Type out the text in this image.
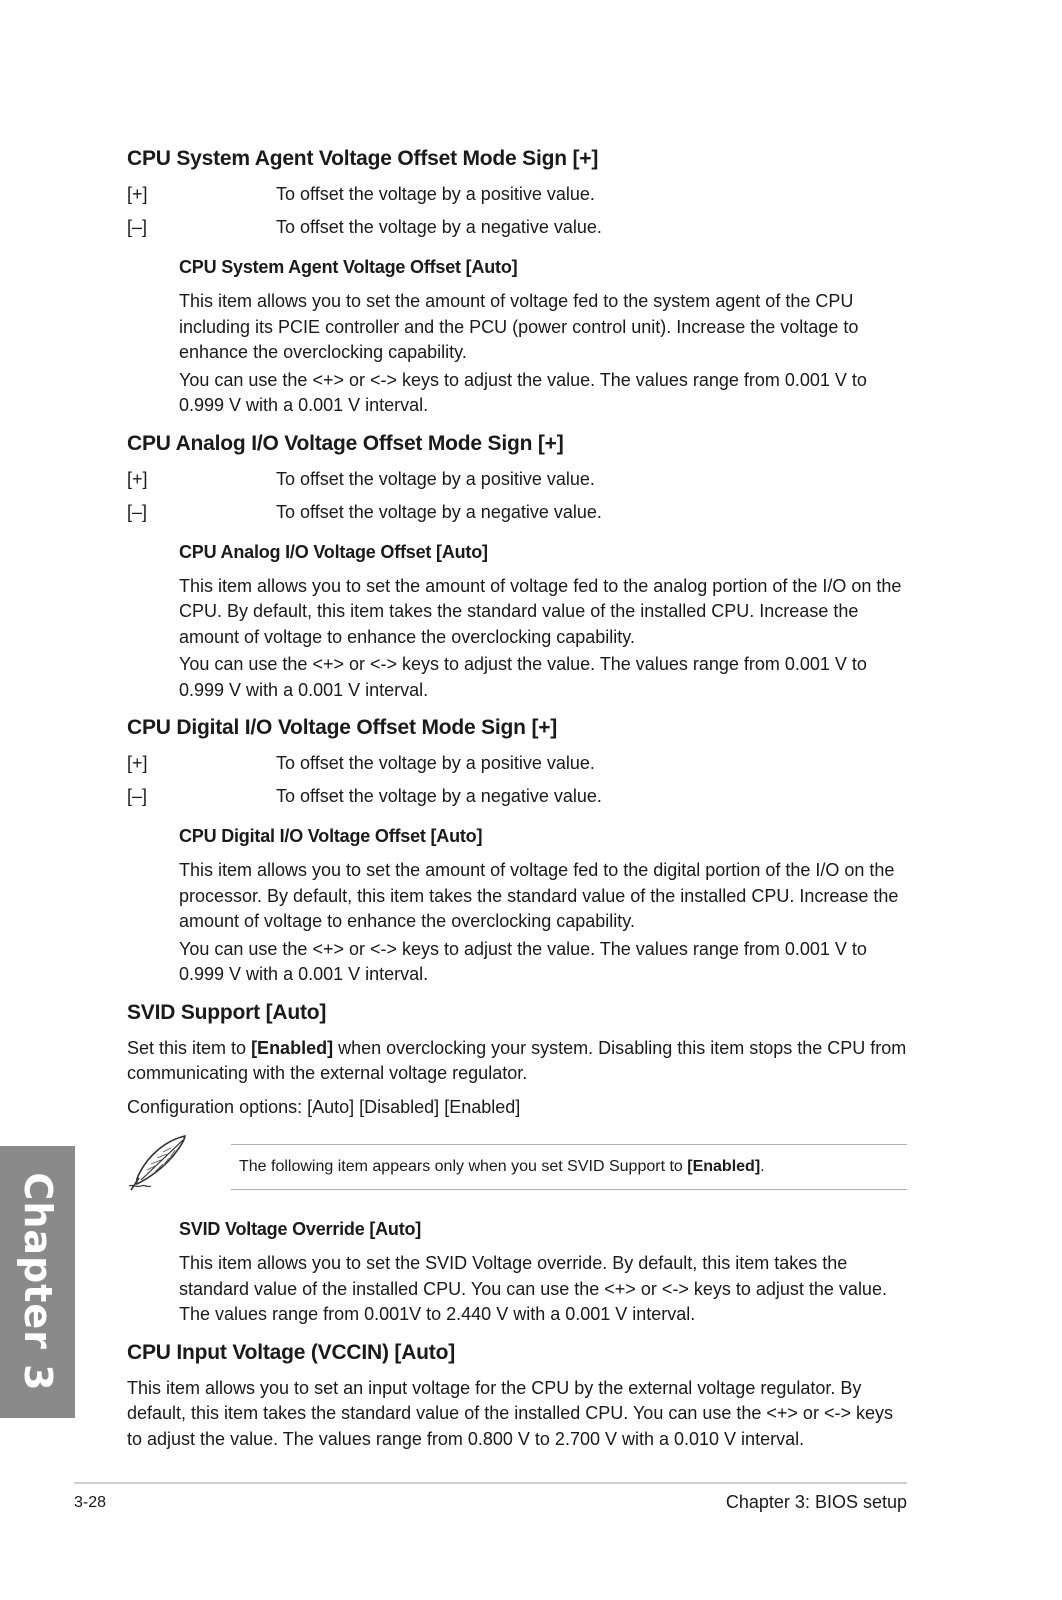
CPU System Agent Voltage Offset Mode Sign [+]
[+]	To offset the voltage by a positive value.
[–]	To offset the voltage by a negative value.
CPU System Agent Voltage Offset [Auto]

This item allows you to set the amount of voltage fed to the system agent of the CPU including its PCIE controller and the PCU (power control unit). Increase the voltage to enhance the overclocking capability.

You can use the <+> or <-> keys to adjust the value. The values range from 0.001 V to 0.999 V with a 0.001 V interval.

CPU Analog I/O Voltage Offset Mode Sign [+]
[+]	To offset the voltage by a positive value.
[–]	To offset the voltage by a negative value.
CPU Analog I/O Voltage Offset [Auto]

This item allows you to set the amount of voltage fed to the analog portion of the I/O on the CPU. By default, this item takes the standard value of the installed CPU. Increase the amount of voltage to enhance the overclocking capability.

You can use the <+> or <-> keys to adjust the value. The values range from 0.001 V to 0.999 V with a 0.001 V interval.

CPU Digital I/O Voltage Offset Mode Sign [+]
[+]	To offset the voltage by a positive value.
[–]	To offset the voltage by a negative value.
CPU Digital I/O Voltage Offset [Auto]

This item allows you to set the amount of voltage fed to the digital portion of the I/O on the processor. By default, this item takes the standard value of the installed CPU. Increase the amount of voltage to enhance the overclocking capability.

You can use the <+> or <-> keys to adjust the value. The values range from 0.001 V to 0.999 V with a 0.001 V interval.

SVID Support [Auto]

Set this item to [Enabled] when overclocking your system. Disabling this item stops the CPU from communicating with the external voltage regulator.

Configuration options: [Auto] [Disabled] [Enabled]

The following item appears only when you set SVID Support to [Enabled].
SVID Voltage Override [Auto]

This item allows you to set the SVID Voltage override. By default, this item takes the standard value of the installed CPU. You can use the <+> or <-> keys to adjust the value. The values range from 0.001V to 2.440 V with a 0.001 V interval.

CPU Input Voltage (VCCIN) [Auto]

This item allows you to set an input voltage for the CPU by the external voltage regulator. By default, this item takes the standard value of the installed CPU. You can use the <+> or <-> keys to adjust the value. The values range from 0.800 V to 2.700 V with a 0.010 V interval.

Chapter 3
3-28	Chapter 3: BIOS setup
